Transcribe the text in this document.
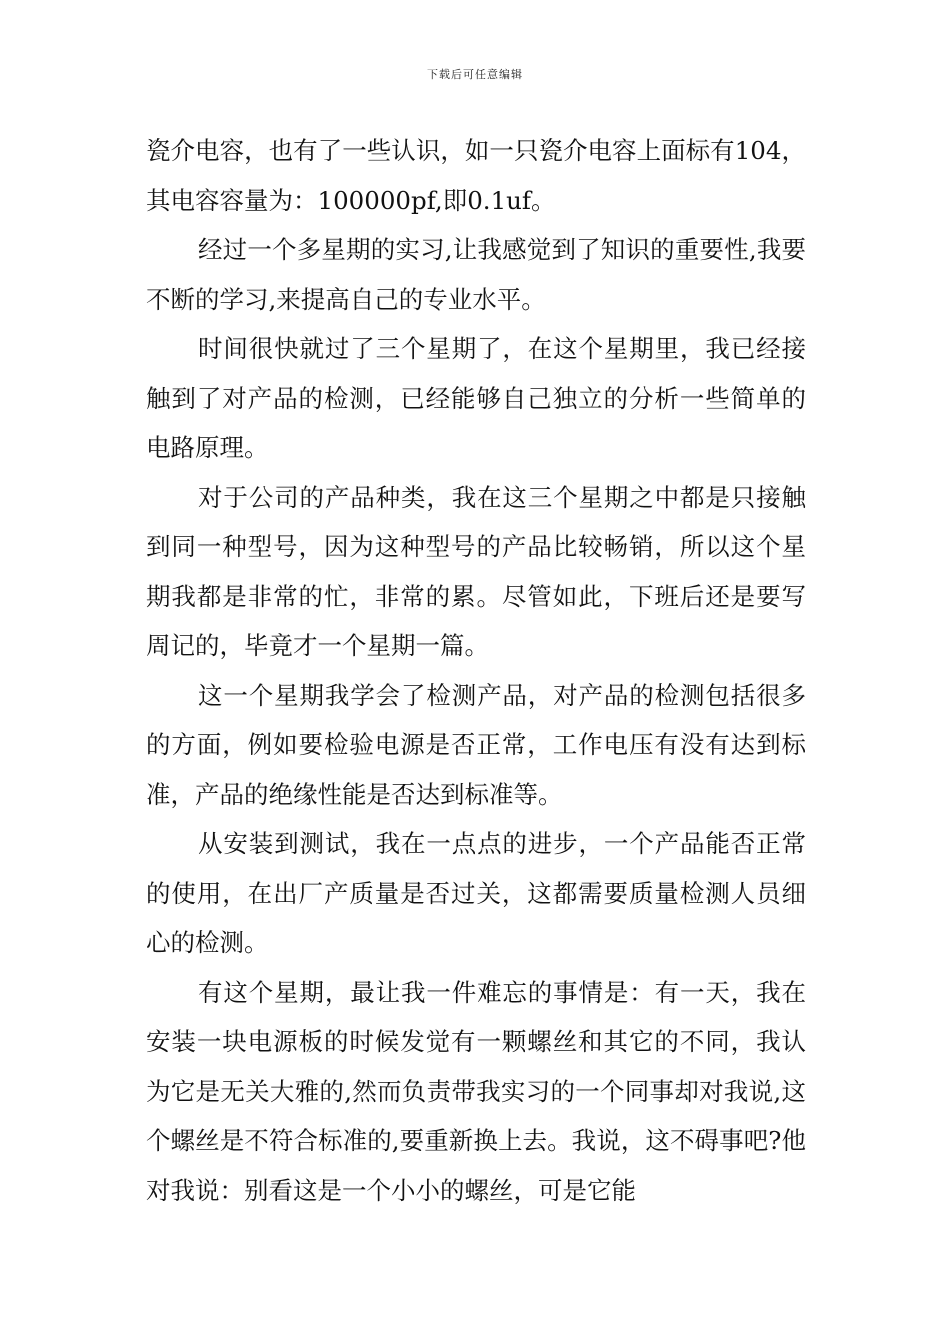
下载后可任意编辑

瓷介电容，也有了一些认识，如一只瓷介电容上面标有104，其电容容量为：100000pf,即0.1uf。

经过一个多星期的实习,让我感觉到了知识的重要性,我要不断的学习,来提高自己的专业水平。

时间很快就过了三个星期了，在这个星期里，我已经接触到了对产品的检测，已经能够自己独立的分析一些简单的电路原理。

对于公司的产品种类，我在这三个星期之中都是只接触到同一种型号，因为这种型号的产品比较畅销，所以这个星期我都是非常的忙，非常的累。尽管如此，下班后还是要写周记的，毕竟才一个星期一篇。

这一个星期我学会了检测产品，对产品的检测包括很多的方面，例如要检验电源是否正常，工作电压有没有达到标准，产品的绝缘性能是否达到标准等。

从安装到测试，我在一点点的进步，一个产品能否正常的使用，在出厂产质量是否过关，这都需要质量检测人员细心的检测。

有这个星期，最让我一件难忘的事情是：有一天，我在安装一块电源板的时候发觉有一颗螺丝和其它的不同，我认为它是无关大雅的,然而负责带我实习的一个同事却对我说,这个螺丝是不符合标准的,要重新换上去。我说，这不碍事吧?他对我说：别看这是一个小小的螺丝，可是它能
